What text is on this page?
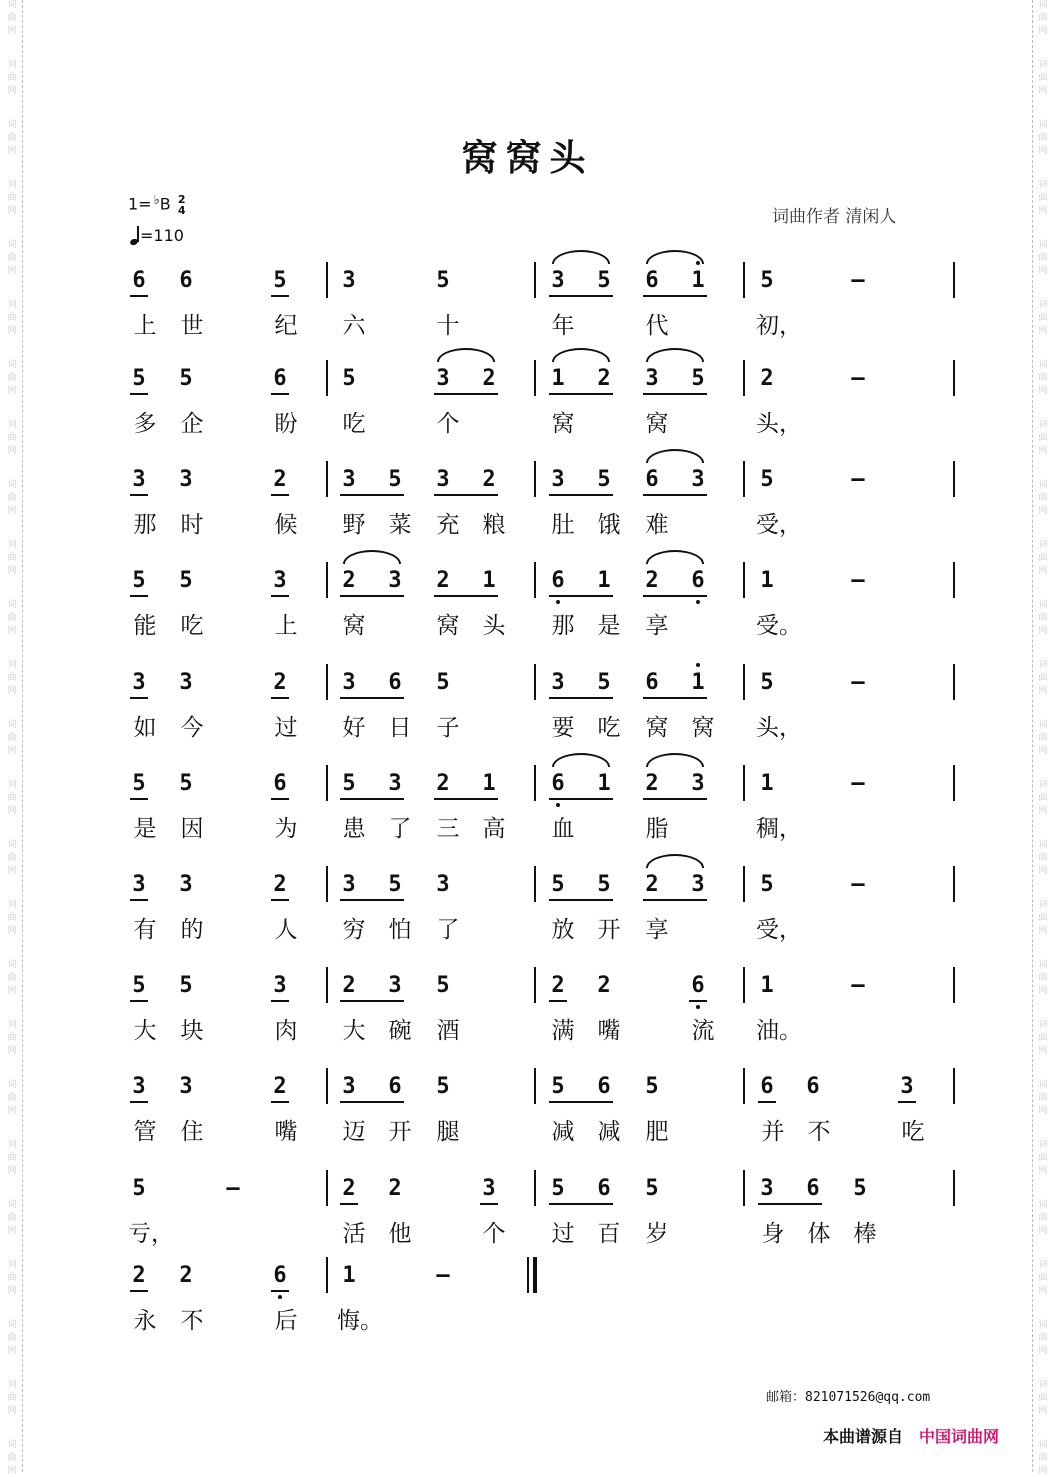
词
曲
网
词
曲
网
词
曲
网
词
曲
网
词
曲
网
词
曲
网
词
曲
网
词
曲
网
词
曲
网
词
曲
网
词
曲
网
词
曲
网
词
曲
网
词
曲
网
词
曲
网
词
曲
网
词
曲
网
词
曲
网
词
曲
网
词
曲
网
词
曲
网
词
曲
网
词
曲
网
词
曲
网
词
曲
网
词
曲
网
词
曲
网
词
曲
网
词
曲
网
词
曲
网
词
曲
网
词
曲
网
词
曲
网
词
曲
网
词
曲
网
词
曲
网
词
曲
网
词
曲
网
词
曲
网
词
曲
网
词
曲
网
词
曲
网
词
曲
网
词
曲
网
词
曲
网
词
曲
网
词
曲
网
词
曲
网
词
曲
网
词
曲
网
窝窝头
1= ♭B 2
4
=110
词曲作者 清闲人
6 6	5	3	5	3 5 6 1	5	–
上 世	纪 六	十	年	代	初，
5 5	6	5	3 2	1 2 3 5	2	–
多 企	盼 吃	个	窝	窝	头，
3 3	2	3 5 3 2	3 5 6 3	5	–
那 时	候 野 菜 充 粮 肚 饿 难	受，
5 5	3	2 3 2 1	6 1 2 6	1	–
能 吃	上 窝	窝 头 那 是 享	受。
3 3	2	3 6 5	3 5 6 1	5	–
如 今	过 好 日 子	要 吃 窝 窝 头，
5 5	6	5 3 2 1	6 1 2 3	1	–
是 因	为 患 了 三 高 血	脂	稠，
3 3	2	3 5 3	5 5 2 3	5	–
有 的	人 穷 怕 了	放 开 享	受，
5 5	3	2 3 5	2 2	6	1	–
大 块	肉 大 碗 酒	满 嘴	流 油。
3 3	2	3 6 5	5 6 5	6 6	3
管 住	嘴 迈 开 腿	减 减 肥	并 不	吃
5	–	2 2	3	5 6 5	3 6 5
亏，	活 他	个 过 百 岁	身 体 棒
2 2	6	1	–
永 不	后 悔。
邮箱：821071526@qq.com
本曲谱源自 中国词曲网
